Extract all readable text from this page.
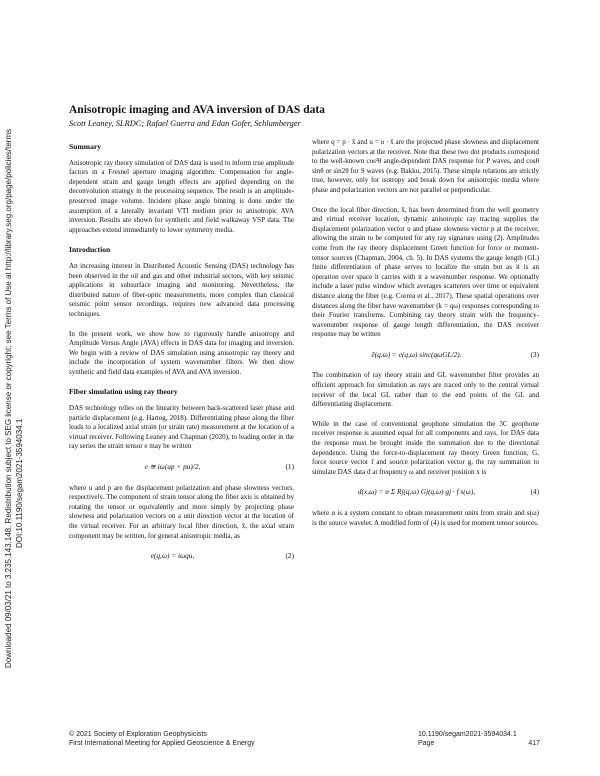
Downloaded 09/03/21 to 3.235.143.148. Redistribution subject to SEG license or copyright; see Terms of Use at http://library.seg.org/page/policies/terms DOI:10.1190/segam2021-3594034.1
Anisotropic imaging and AVA inversion of DAS data
Scott Leaney, SLRDC; Rafael Guerra and Edan Gofer, Schlumberger
Summary

Anisotropic ray theory simulation of DAS data is used to inform true amplitude factors in a Fresnel aperture imaging algorithm. Compensation for angle-dependent strain and gauge length effects are applied depending on the deconvolution strategy in the processing sequence. The result is an amplitude-preserved image volume. Incident phase angle binning is done under the assumption of a laterally invariant VTI medium prior to anisotropic AVA inversion. Results are shown for synthetic and field walkaway VSP data. The approaches extend immediately to lower symmetry media.

Introduction

An increasing interest in Distributed Acoustic Sensing (DAS) technology has been observed in the oil and gas and other industrial sectors, with key seismic applications in subsurface imaging and monitoring. Nevertheless, the distributed nature of fiber-optic measurements, more complex than classical seismic point sensor recordings, requires new advanced data processing techniques.

In the present work, we show how to rigorously handle anisotropy and Amplitude Versus Angle (AVA) effects in DAS data for imaging and inversion. We begin with a review of DAS simulation using anisotropic ray theory and include the incorporation of system wavenumber filters. We then show synthetic and field data examples of AVA and AVA inversion.

Fiber simulation using ray theory

DAS technology relies on the linearity between back-scattered laser phase and particle displacement (e.g. Hartog, 2018). Differentiating phase along the fiber leads to a localized axial strain (or strain rate) measurement at the location of a virtual receiver. Following Leaney and Chapman (2020), to leading order in the ray series the strain tensor e may be written

e ≅ iω(up + pu)/2,	(1)

where u and p are the displacement polarization and phase slowness vectors, respectively. The component of strain tensor along the fiber axis is obtained by rotating the tensor or equivalently and more simply by projecting phase slowness and polarization vectors on a unit direction vector at the location of the virtual receiver. For an arbitrary local fiber direction, x̂, the axial strain component may be written, for general anisotropic media, as

e(q,ω) = iωqu,	(2)

where q = p · x̂ and u = u · x̂ are the projected phase slowness and displacement polarization vectors at the receiver. Note that these two dot products correspond to the well-known cos²θ angle-dependent DAS response for P waves, and cosθ sinθ or sin2θ for S waves (e.g. Bakku, 2015). These simple relations are strictly true, however, only for isotropy and break down for anisotropic media where phase and polarization vectors are not parallel or perpendicular.

Once the local fiber direction, x̂, has been determined from the well geometry and virtual receiver location, dynamic anisotropic ray tracing supplies the displacement polarization vector u and phase slowness vector p at the receiver, allowing the strain to be computed for any ray signature using (2). Amplitudes come from the ray theory displacement Green function for force or moment-tensor sources (Chapman, 2004, ch. 5). In DAS systems the gauge length (GL) finite differentiation of phase serves to localize the strain but as it is an operation over space it carries with it a wavenumber response. We optionally include a laser pulse window which averages scatterers over time or equivalent distance along the fiber (e.g. Correa et al., 2017). These spatial operations over distances along the fiber have wavenumber (k = qω) responses corresponding to their Fourier transforms. Combining ray theory strain with the frequency-wavenumber response of gauge length differentiation, the DAS receiver response may be written

ē(q,ω) = e(q,ω) sinc(qωGL/2).	(3)

The combination of ray theory strain and GL wavenumber filter provides an efficient approach for simulation as rays are traced only to the central virtual receiver of the local GL rather than to the end points of the GL and differentiating displacement.

While in the case of conventional geophone simulation the 3C geophone receiver response is assumed equal for all components and rays, for DAS data the response must be brought inside the summation due to the directional dependence. Using the force-to-displacement ray theory Green function, G, force source vector f and source polarization vector g, the ray summation to simulate DAS data d at frequency ω and receiver position x is

d(x,ω) = α Σ Rj(q,ω) Gj(q,ω) gj · f s(ω),	(4)

where α is a system constant to obtain measurement units from strain and s(ω) is the source wavelet. A modified form of (4) is used for moment tensor sources.

© 2021 Society of Exploration Geophysicists
First International Meeting for Applied Geoscience & Energy
10.1190/segam2021-3594034.1
Page	417
